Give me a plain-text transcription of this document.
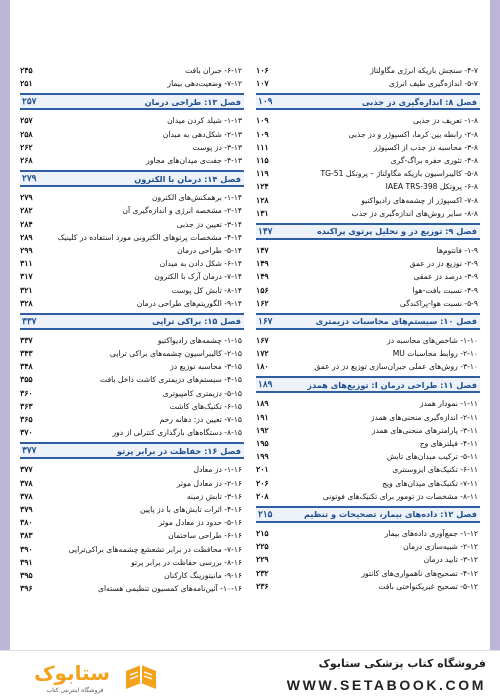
۱۰۶	۴-۷- سنجش باریکه انرژی مگاولتاژ
۱۰۷	۵-۷- اندازه‌گیری طیف انرژی
۱۰۹	فصل ۸: اندازه‌گیری دز جذبی
۱۰۹	۱-۸- تعریف دز جذبی
۱۰۹	۲-۸- رابطه بین کرما، اکسپوژر و دز جذبی
۱۱۱	۳-۸- محاسبه دز جذب از اکسپوژر
۱۱۵	۴-۸- تئوری حفره براگ-گری
۱۱۹	۵-۸- کالیبراسیون باریکه مگاولتاژ – پروتکل TG-51
۱۲۴	۶-۸- پروتکل IAEA TRS-398
۱۲۸	۷-۸- اکسپوژر از چشمه‌های رادیواکتیو
۱۳۱	۸-۸- سایر روش‌های اندازه‌گیری دز جذب
۱۴۷	فصل ۹: توزیع دز و تحلیل پرتوی پراکنده
۱۴۷	۱-۹- فانتوم‌ها
۱۴۹	۲-۹- توزیع دز در عمق
۱۴۹	۳-۹- درصد دز عمقی
۱۵۶	۴-۹- نسبت بافت-هوا
۱۶۲	۵-۹- نسبت هوا-پراکندگی
۱۶۷	فصل ۱۰: سیستم‌های محاسبات دزیمتری
۱۶۷	۱-۱۰- شاخص‌های محاسبه دز
۱۷۲	۲-۱۰- روابط محاسبات MU
۱۸۰	۳-۱۰- روش‌های عملی جبران‌سازی توزیع دز در عمق
۱۸۹	فصل ۱۱: طراحی درمان I: توزیع‌های همدز
۱۸۹	۱-۱۱- نمودار همدز
۱۹۱	۲-۱۱- اندازه‌گیری منحنی‌های همدز
۱۹۲	۳-۱۱- پارامترهای منحنی‌های همدز
۱۹۵	۴-۱۱- فیلترهای وج
۱۹۹	۵-۱۱- ترکیب میدان‌های تابش
۲۰۱	۶-۱۱- تکنیک‌های ایزوسنتری
۲۰۶	۷-۱۱- تکنیک‌های میدان‌های ویج
۲۰۸	۸-۱۱- مشخصات دز تومور برای تکنیک‌های فوتونی
۲۱۵	فصل ۱۲: داده‌های بیمار، تصحیحات و تنظیم
۲۱۵	۱-۱۲- جمع‌آوری داده‌های بیمار
۲۲۵	۲-۱۲- شبیه‌سازی درمان
۲۲۹	۳-۱۲- تایید درمان
۲۳۲	۴-۱۲- تصحیح‌های ناهمواری‌های کانتور
۲۳۶	۵-۱۲- تصحیح غیریکنواختی بافت
۲۴۵	۶-۱۲- جبران بافت
۲۵۱	۷-۱۲- وضعیت‌دهی بیمار
۲۵۷	فصل ۱۳: طراحی درمان
۲۵۷	۱-۱۳- شیلد کردن میدان
۲۵۸	۲-۱۳- شکل‌دهی به میدان
۲۶۲	۳-۱۳- دز پوست
۲۶۸	۴-۱۳- جفت‌ی میدان‌های مجاور
۲۷۹	فصل ۱۴: درمان با الکترون
۲۷۹	۱-۱۴- برهمکنش‌های الکترون
۲۸۲	۲-۱۴- مشخصه انرژی و اندازه‌گیری آن
۲۸۴	۳-۱۴- تعیین دز جذبی
۲۸۹	۴-۱۴- مشخصات پرتوهای الکترونی مورد استفاده در کلینیک
۲۹۹	۵-۱۴- طراحی درمان
۳۱۱	۶-۱۴- شکل دادن به میدان
۳۱۷	۷-۱۴- درمان آرک با الکترون
۳۲۱	۸-۱۴- تابش کل پوست
۳۲۸	۹-۱۴- الگوریتم‌های طراحی درمان
۳۳۷	فصل ۱۵: براکی تراپی
۳۳۷	۱-۱۵- چشمه‌های رادیواکتیو
۳۴۳	۲-۱۵- کالیبراسیون چشمه‌های براکی تراپی
۳۴۸	۳-۱۵- محاسبه توزیع دز
۳۵۵	۴-۱۵- سیستم‌های دزیمتری کاشت داخل بافت
۳۶۰	۵-۱۵- دزیمتری کامپیوتری
۳۶۳	۶-۱۵- تکنیک‌های کاشت
۳۶۵	۷-۱۵- تعیین دز: دهانه رحم
۳۷۰	۸-۱۵- دستگاه‌های بارگذاری کنترلی از دور
۳۷۷	فصل ۱۶: حفاظت در برابر پرتو
۳۷۷	۱-۱۶- دز معادل
۳۷۸	۲-۱۶- دز معادل موثر
۳۷۸	۳-۱۶- تابش زمینه
۳۷۹	۴-۱۶- اثرات تابش‌های با دز پایین
۳۸۰	۵-۱۶- حدود دز معادل موثر
۳۸۳	۶-۱۶- طراحی ساختمان
۳۹۰	۷-۱۶- محافظت در برابر تشعشع چشمه‌های براکی‌تراپی
۳۹۱	۸-۱۶- بررسی حفاظت در برابر پرتو
۳۹۵	۹-۱۶- مانیتورینگ کارکنان
۳۹۶	۱۰-۱۶- آئین‌نامه‌های کمسیون تنظیمی هسته‌ای
ستابوک
فروشگاه اینترنتی کتاب
فروشگاه کتاب پزشکی ستابوک
WWW.SETABOOK.COM
